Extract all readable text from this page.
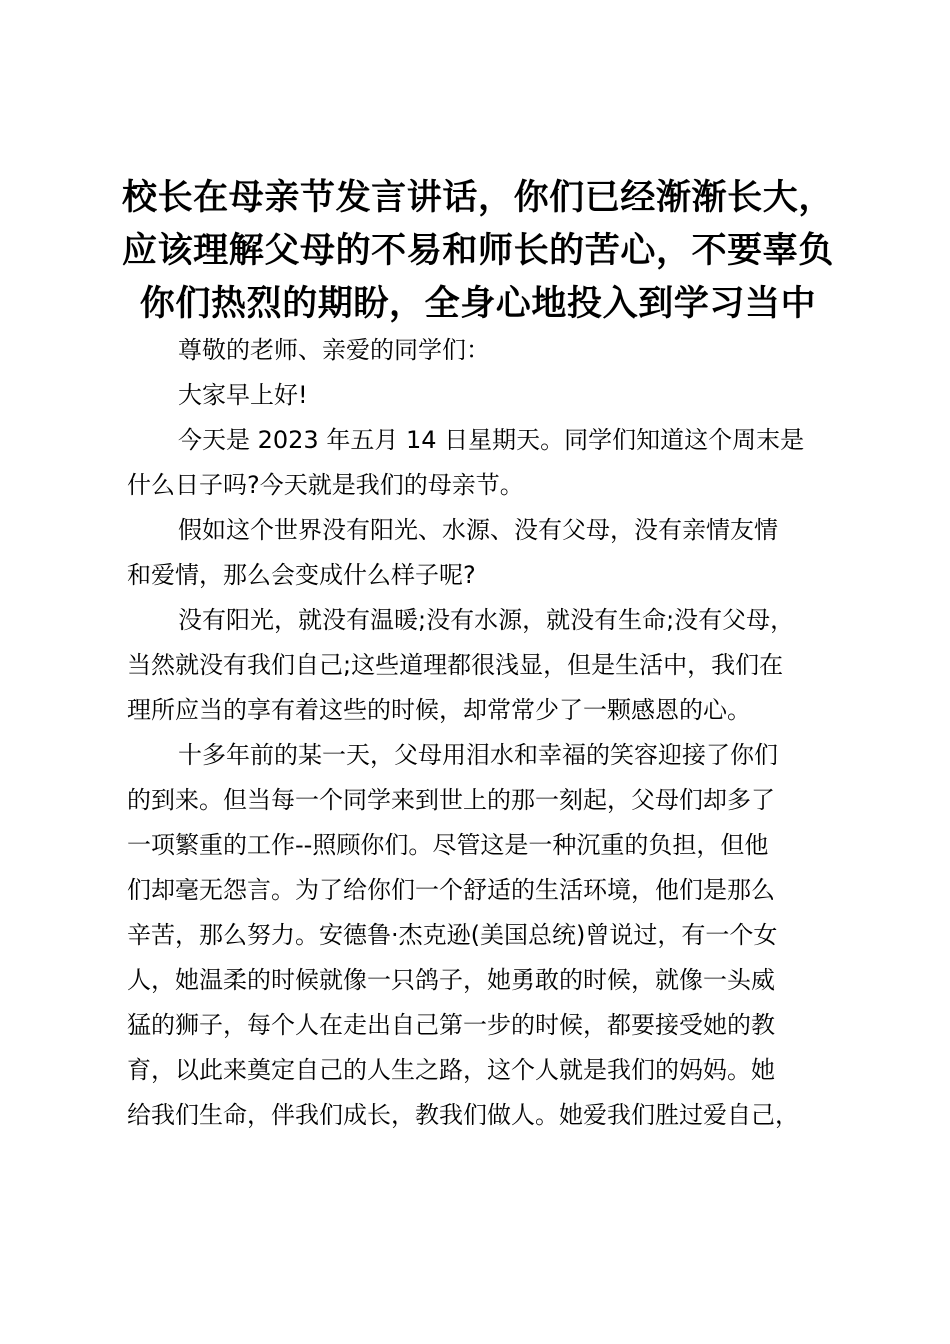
校长在母亲节发言讲话，你们已经渐渐长大，
应该理解父母的不易和师长的苦心，不要辜负
你们热烈的期盼，全身心地投入到学习当中
尊敬的老师、亲爱的同学们：
大家早上好!
今天是 2023 年五月 14 日星期天。同学们知道这个周末是
什么日子吗?今天就是我们的母亲节。
假如这个世界没有阳光、水源、没有父母，没有亲情友情
和爱情，那么会变成什么样子呢?
没有阳光，就没有温暖;没有水源，就没有生命;没有父母，
当然就没有我们自己;这些道理都很浅显，但是生活中，我们在
理所应当的享有着这些的时候，却常常少了一颗感恩的心。
十多年前的某一天，父母用泪水和幸福的笑容迎接了你们
的到来。但当每一个同学来到世上的那一刻起，父母们却多了
一项繁重的工作--照顾你们。尽管这是一种沉重的负担，但他
们却毫无怨言。为了给你们一个舒适的生活环境，他们是那么
辛苦，那么努力。安德鲁·杰克逊(美国总统)曾说过，有一个女
人，她温柔的时候就像一只鸽子，她勇敢的时候，就像一头威
猛的狮子，每个人在走出自己第一步的时候，都要接受她的教
育，以此来奠定自己的人生之路，这个人就是我们的妈妈。她
给我们生命，伴我们成长，教我们做人。她爱我们胜过爱自己，
